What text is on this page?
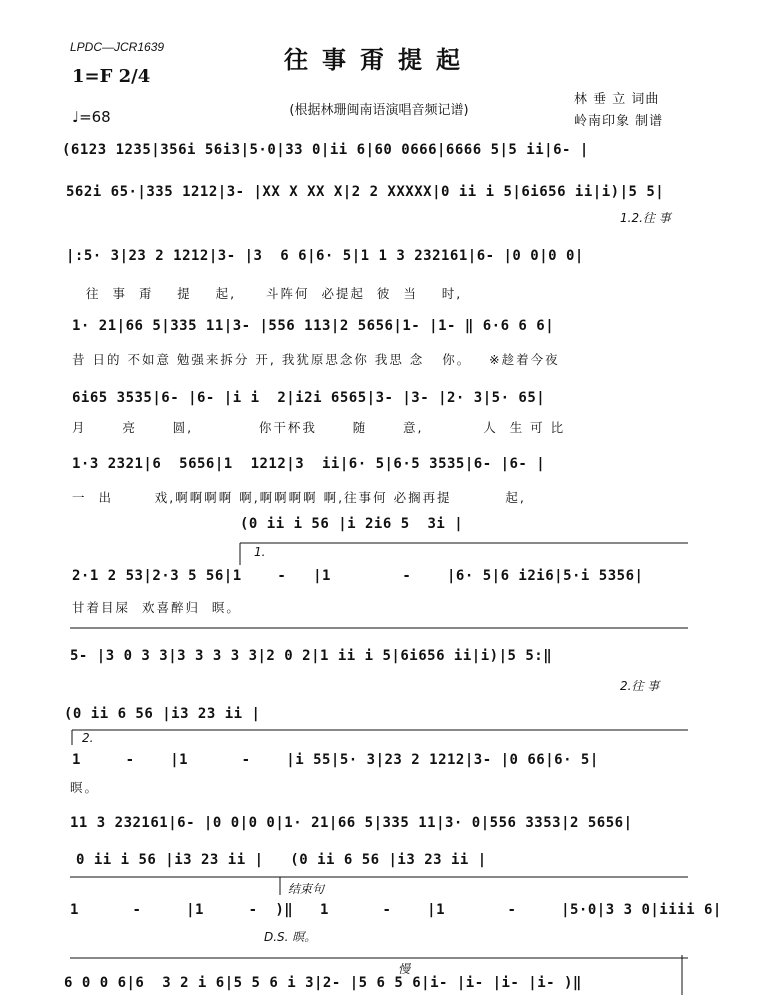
LPDC—JCR1639	往事甭提起
1=F 2/4
♩=68	(根据林珊闽南语演唱音频记谱)
林 垂 立 词曲
岭南印象 制谱
(6123 1235|356i 56i3|5·0|33 0|ii 6|60 0666|6666 5|5 ii|6- |
562i 65·|335 1212|3- |XX X XX X|2 2 XXXXX|0 ii i 5|6i656 ii|i)|5 5|
1.2.往 事
|:5· 3|23 2 1212|3- |3  6 6|6· 5|1 1 3 232161|6- |0 0|0 0|
往  事  甭    提    起,     斗阵何  必提起  彼  当    时,
1· 21|66 5|335 11|3- |556 113|2 5656|1- |1- ‖ 6·6 6 6|
昔 日的 不如意 勉强来拆分 开, 我犹原思念你 我思 念   你。   ※趁着今夜
6i65 3535|6- |6- |i i  2|i2i 6565|3- |3- |2· 3|5· 65|
月      亮      圆,           你干杯我      随      意,          人  生 可 比
1·3 2321|6  5656|1  1212|3  ii|6· 5|6·5 3535|6- |6- |
一  出       戏,啊啊啊啊 啊,啊啊啊啊 啊,往事何 必搁再提         起,
(0 ii i 56 |i 2i6 5  3i |
1.
2·1 2 53|2·3 5 56|1    -   |1        -    |6· 5|6 i2i6|5·i 5356|
甘着目屎  欢喜醉归  暝。
5- |3 0 3 3|3 3 3 3 3|2 0 2|1 ii i 5|6i656 ii|i)|5 5:‖
2.往 事
(0 ii 6 56 |i3 23 ii |
2.
1     -    |1      -    |i 55|5· 3|23 2 1212|3- |0 66|6· 5|
暝。
11 3 232161|6- |0 0|0 0|1· 21|66 5|335 11|3· 0|556 3353|2 5656|
0 ii i 56 |i3 23 ii |   (0 ii 6 56 |i3 23 ii |
结束句
1      -     |1     -  )‖   1      -    |1       -     |5·0|3 3 0|iiii 6|
D.S. 暝。
慢
6 0 0 6|6  3 2 i 6|5 5 6 i 3|2- |5 6 5 6|i- |i- |i- |i- )‖
